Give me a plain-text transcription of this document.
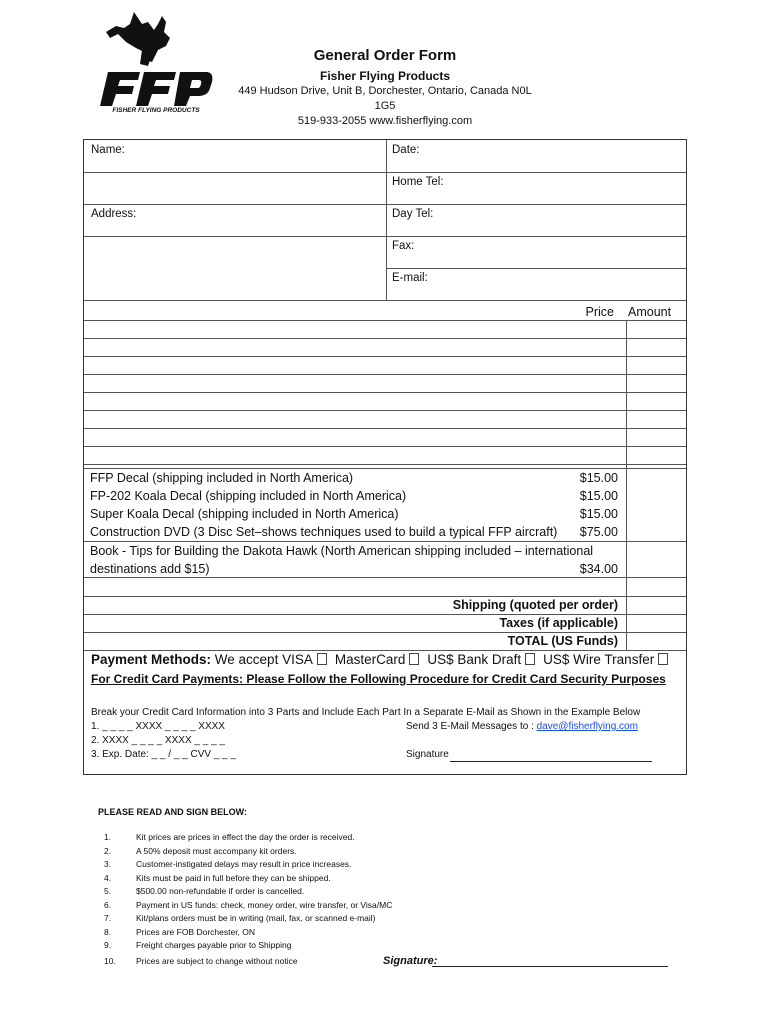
FISHER FLYING PRODUCTS
General Order Form
Fisher Flying Products
449 Hudson Drive, Unit B, Dorchester, Ontario, Canada N0L 1G5
519-933-2055 www.fisherflying.com
Name:	Date:
Home Tel:
Address:	Day Tel:
Fax:
E-mail:
Price Amount
FFP Decal (shipping included in North America)	$15.00
FP-202 Koala Decal (shipping included in North America)	$15.00
Super Koala Decal (shipping included in North America)	$15.00
Construction DVD (3 Disc Set–shows techniques used to build a typical FFP aircraft)	$75.00
Book - Tips for Building the Dakota Hawk (North American shipping included – international
destinations add $15)	$34.00
Shipping (quoted per order)
Taxes (if applicable)
TOTAL (US Funds)
Payment Methods: We accept VISA MasterCard US$ Bank Draft US$ Wire Transfer
For Credit Card Payments: Please Follow the Following Procedure for Credit Card Security Purposes
Break your Credit Card Information into 3 Parts and Include Each Part In a Separate E-Mail as Shown in the Example Below
1. _ _ _ _ XXXX _ _ _ _ XXXX
2. XXXX _ _ _ _ XXXX _ _ _ _
3. Exp. Date: _ _ / _ _ CVV _ _ _
Send 3 E-Mail Messages to : dave@fisherflying.com
Signature
PLEASE READ AND SIGN BELOW:
1.	Kit prices are prices in effect the day the order is received.
2.	A 50% deposit must accompany kit orders.
3.	Customer-instigated delays may result in price increases.
4.	Kits must be paid in full before they can be shipped.
5.	$500.00 non-refundable if order is cancelled.
6.	Payment in US funds: check, money order, wire transfer, or Visa/MC
7.	Kit/plans orders must be in writing (mail, fax, or scanned e-mail)
8.	Prices are FOB Dorchester, ON
9.	Freight charges payable prior to Shipping
10.	Prices are subject to change without notice	Signature:
